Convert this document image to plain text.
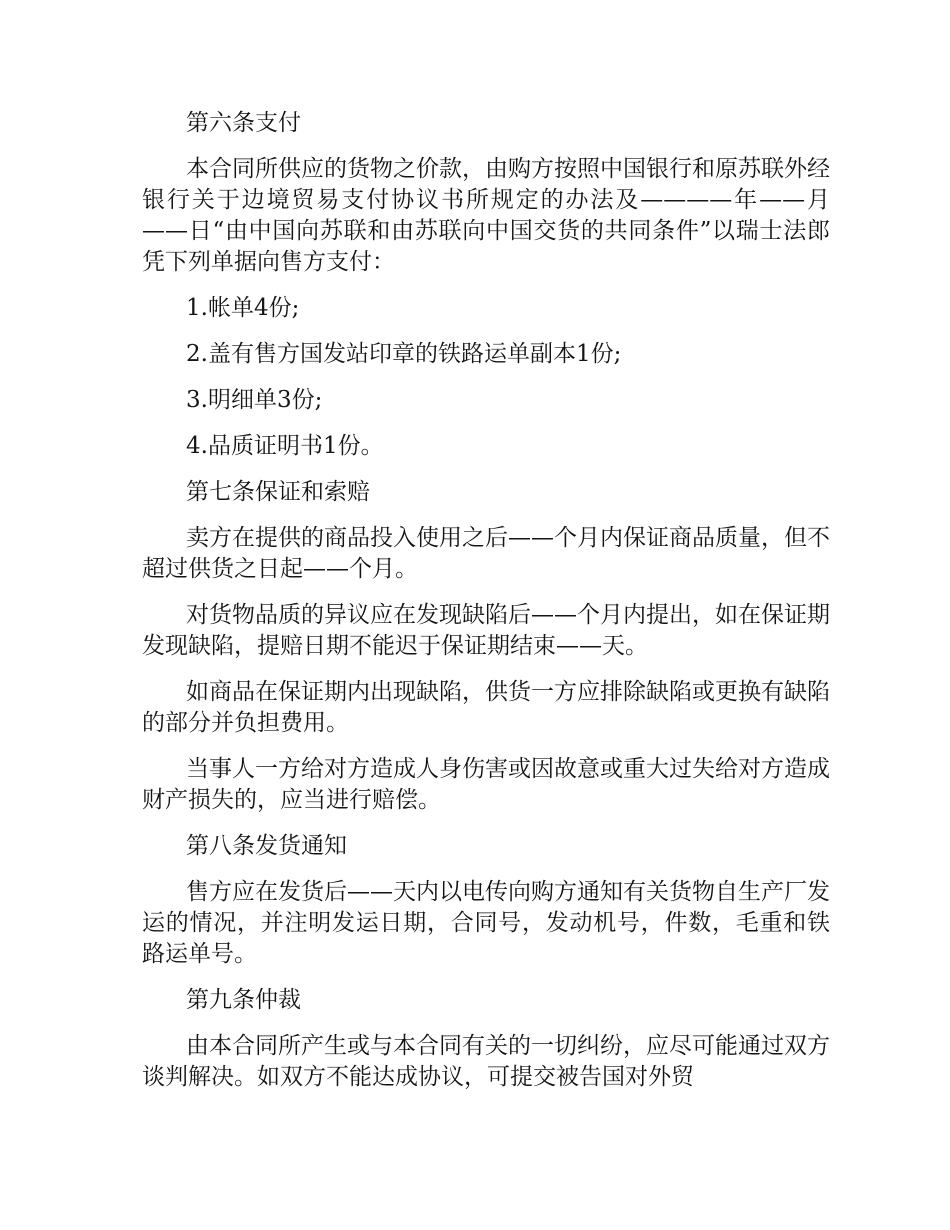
第六条支付

本合同所供应的货物之价款，由购方按照中国银行和原苏联外经银行关于边境贸易支付协议书所规定的办法及————年——月——日“由中国向苏联和由苏联向中国交货的共同条件”以瑞士法郎凭下列单据向售方支付：

1.帐单4份;

2.盖有售方国发站印章的铁路运单副本1份;

3.明细单3份;

4.品质证明书1份。

第七条保证和索赔

卖方在提供的商品投入使用之后——个月内保证商品质量，但不超过供货之日起——个月。

对货物品质的异议应在发现缺陷后——个月内提出，如在保证期发现缺陷，提赔日期不能迟于保证期结束——天。

如商品在保证期内出现缺陷，供货一方应排除缺陷或更换有缺陷的部分并负担费用。

当事人一方给对方造成人身伤害或因故意或重大过失给对方造成财产损失的，应当进行赔偿。

第八条发货通知

售方应在发货后——天内以电传向购方通知有关货物自生产厂发运的情况，并注明发运日期，合同号，发动机号，件数，毛重和铁路运单号。

第九条仲裁

由本合同所产生或与本合同有关的一切纠纷，应尽可能通过双方谈判解决。如双方不能达成协议，可提交被告国对外贸
